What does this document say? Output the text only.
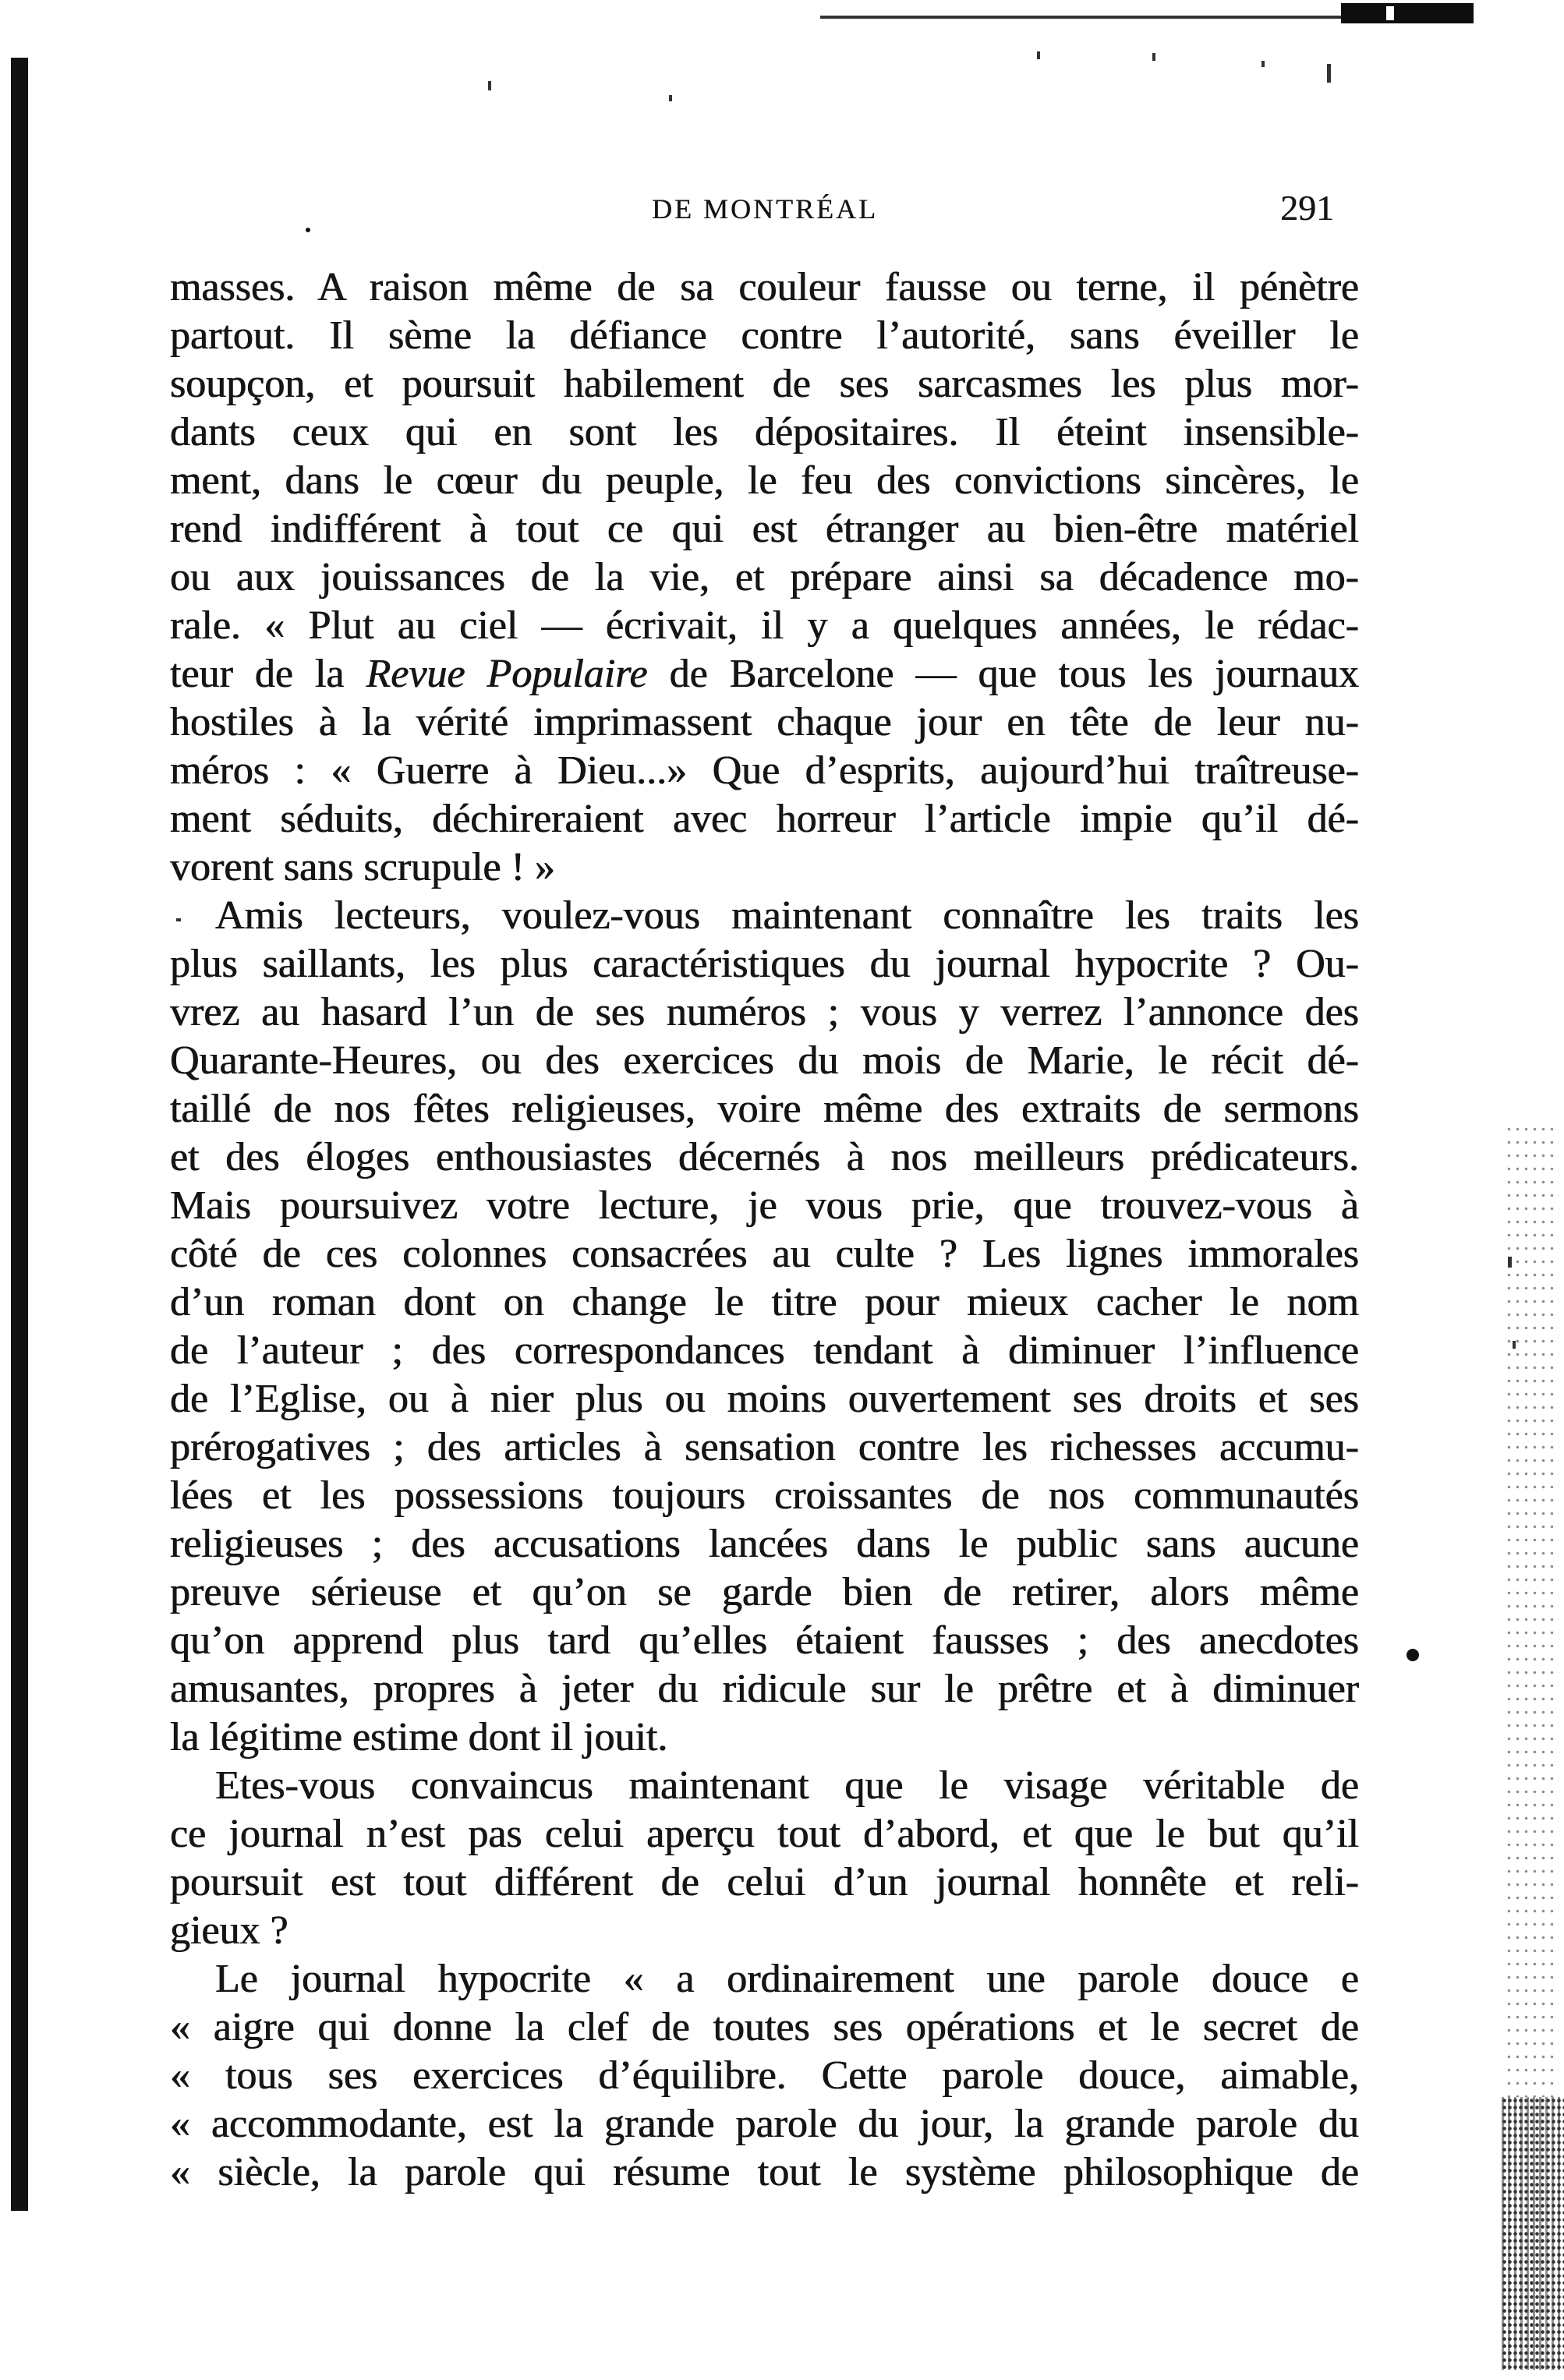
DE MONTRÉAL	291
masses. A raison même de sa couleur fausse ou terne, il pénètre
partout. Il sème la défiance contre l’autorité, sans éveiller le
soupçon, et poursuit habilement de ses sarcasmes les plus mor-
dants ceux qui en sont les dépositaires. Il éteint insensible-
ment, dans le cœur du peuple, le feu des convictions sincères, le
rend indifférent à tout ce qui est étranger au bien-être matériel
ou aux jouissances de la vie, et prépare ainsi sa décadence mo-
rale. « Plut au ciel — écrivait, il y a quelques années, le rédac-
teur de la Revue Populaire de Barcelone — que tous les journaux
hostiles à la vérité imprimassent chaque jour en tête de leur nu-
méros : « Guerre à Dieu...» Que d’esprits, aujourd’hui traîtreuse-
ment séduits, déchireraient avec horreur l’article impie qu’il dé-
vorent sans scrupule ! »
Amis lecteurs, voulez-vous maintenant connaître les traits les
plus saillants, les plus caractéristiques du journal hypocrite ? Ou-
vrez au hasard l’un de ses numéros ; vous y verrez l’annonce des
Quarante-Heures, ou des exercices du mois de Marie, le récit dé-
taillé de nos fêtes religieuses, voire même des extraits de sermons
et des éloges enthousiastes décernés à nos meilleurs prédicateurs.
Mais poursuivez votre lecture, je vous prie, que trouvez-vous à
côté de ces colonnes consacrées au culte ? Les lignes immorales
d’un roman dont on change le titre pour mieux cacher le nom
de l’auteur ; des correspondances tendant à diminuer l’influence
de l’Eglise, ou à nier plus ou moins ouvertement ses droits et ses
prérogatives ; des articles à sensation contre les richesses accumu-
lées et les possessions toujours croissantes de nos communautés
religieuses ; des accusations lancées dans le public sans aucune
preuve sérieuse et qu’on se garde bien de retirer, alors même
qu’on apprend plus tard qu’elles étaient fausses ; des anecdotes
amusantes, propres à jeter du ridicule sur le prêtre et à diminuer
la légitime estime dont il jouit.
Etes-vous convaincus maintenant que le visage véritable de
ce journal n’est pas celui aperçu tout d’abord, et que le but qu’il
poursuit est tout différent de celui d’un journal honnête et reli-
gieux ?
Le journal hypocrite « a ordinairement une parole douce e
« aigre qui donne la clef de toutes ses opérations et le secret de
« tous ses exercices d’équilibre. Cette parole douce, aimable,
« accommodante, est la grande parole du jour, la grande parole du
« siècle, la parole qui résume tout le système philosophique de
